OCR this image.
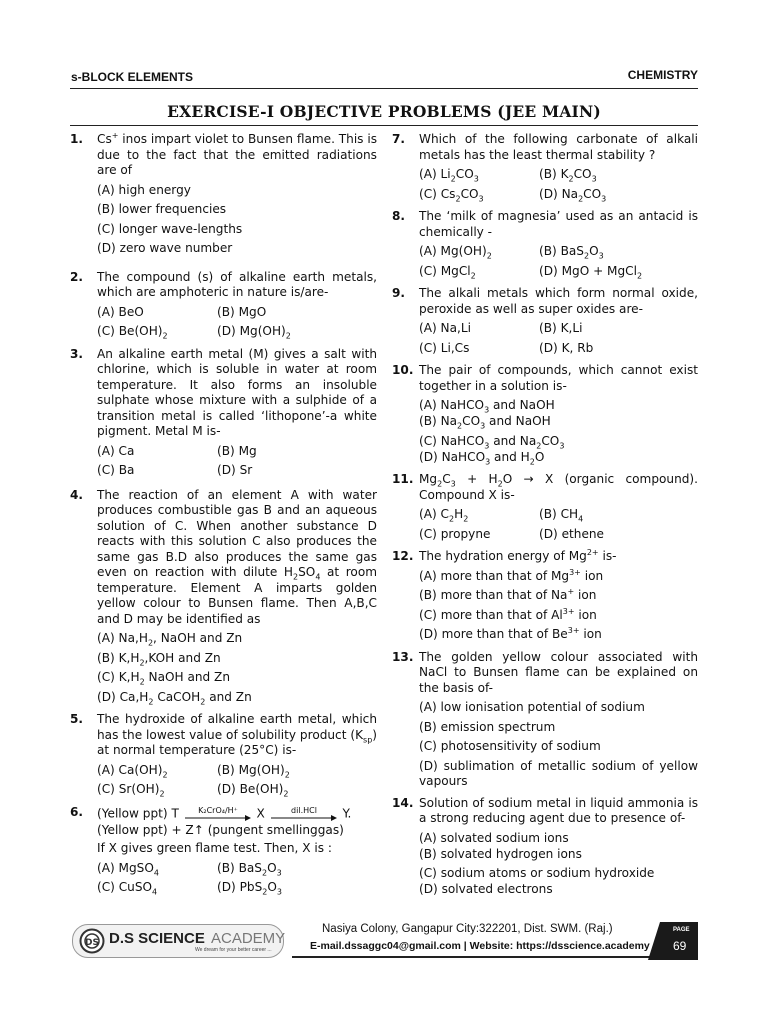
s-BLOCK ELEMENTS	CHEMISTRY
EXERCISE-I OBJECTIVE PROBLEMS (JEE MAIN)
1. Cs+ inos impart violet to Bunsen flame. This is due to the fact that the emitted radiations are of
(A) high energy
(B) lower frequencies
(C) longer wave-lengths
(D) zero wave number
2. The compound (s) of alkaline earth metals, which are amphoteric in nature is/are-
(A) BeO	(B) MgO
(C) $Be(OH)_2$	(D) $Mg(OH)_2$
3. An alkaline earth metal (M) gives a salt with chlorine, which is soluble in water at room temperature. It also forms an insoluble sulphate whose mixture with a sulphide of a transition metal is called ‘lithopone’-a white pigment. Metal M is-
(A) Ca	(B) Mg
(C) Ba	(D) Sr
4. The reaction of an element A with water produces combustible gas B and an aqueous solution of C. When another substance D reacts with this solution C also produces the same gas B.D also produces the same gas even on reaction with dilute $H_2SO_4$ at room temperature. Element A imparts golden yellow colour to Bunsen flame. Then A,B,C and D may be identified as
(A) $Na,H_2$, NaOH and Zn
(B) $K,H_2,KOH$ and Zn
(C) $K,H_2$ NaOH and Zn
(D) $Ca,H_2$ CaCOH$_2$ and Zn
5. The hydroxide of alkaline earth metal, which has the lowest value of solubility product $(K_{sp})$ at normal temperature (25°C) is-
(A) $Ca(OH)_2$	(B) $Mg(OH)_2$
(C) $Sr(OH)_2$	(D) $Be(OH)_2$
6. (Yellow ppt) T K₂CrO₄/H⁺ X	dil.HCl Y.
(Yellow ppt) + Z↑ (pungent smellinggas)
If X gives green flame test. Then, X is :
(A) MgSO$_4$	(B) $BaS_2O_3$
(C) CuSO$_4$	(D) $PbS_2O_3$
7. Which of the following carbonate of alkali metals has the least thermal stability ?
(A) $Li_2CO_3$	(B) $K_2CO_3$
(C) $Cs_2CO_3$	(D) $Na_2CO_3$
8. The ‘milk of magnesia’ used as an antacid is chemically -
(A) $Mg(OH)_2$	(B) $BaS_2O_3$
(C) MgCl$_2$	(D) MgO + MgCl$_2$
9. The alkali metals which form normal oxide, peroxide as well as super oxides are-
(A) Na,Li	(B) K,Li
(C) Li,Cs	(D) K, Rb
10. The pair of compounds, which cannot exist together in a solution is-
(A) NaHCO$_3$ and NaOH
(B) $Na_2CO_3$ and NaOH
(C) NaHCO$_3$ and $Na_2CO_3$
(D) NaHCO$_3$ and $H_2O$
11. $Mg_2C_3 + H_2O \to X$ (organic compound). Compound X is-
(A) $C_2H_2$	(B) $CH_4$
(C) propyne	(D) ethene
12. The hydration energy of $Mg^{2+}$ is-
(A) more than that of $Mg^{3+}$ ion
(B) more than that of Na+ ion
(C) more than that of $Al^{3+}$ ion
(D) more than that of $Be^{3+}$ ion
13. The golden yellow colour associated with NaCl to Bunsen flame can be explained on the basis of-
(A) low ionisation potential of sodium
(B) emission spectrum
(C) photosensitivity of sodium
(D) sublimation of metallic sodium of yellow vapours
14. Solution of sodium metal in liquid ammonia is a strong reducing agent due to presence of-
(A) solvated sodium ions
(B) solvated hydrogen ions
(C) sodium atoms or sodium hydroxide
(D) solvated electrons
DS D.S SCIENCE ACADEMY
We dream for your better career ...
Nasiya Colony, Gangapur City:322201, Dist. SWM. (Raj.)
E-mail.dssaggc04@gmail.com | Website: https://dsscience.academy
PAGE
69
